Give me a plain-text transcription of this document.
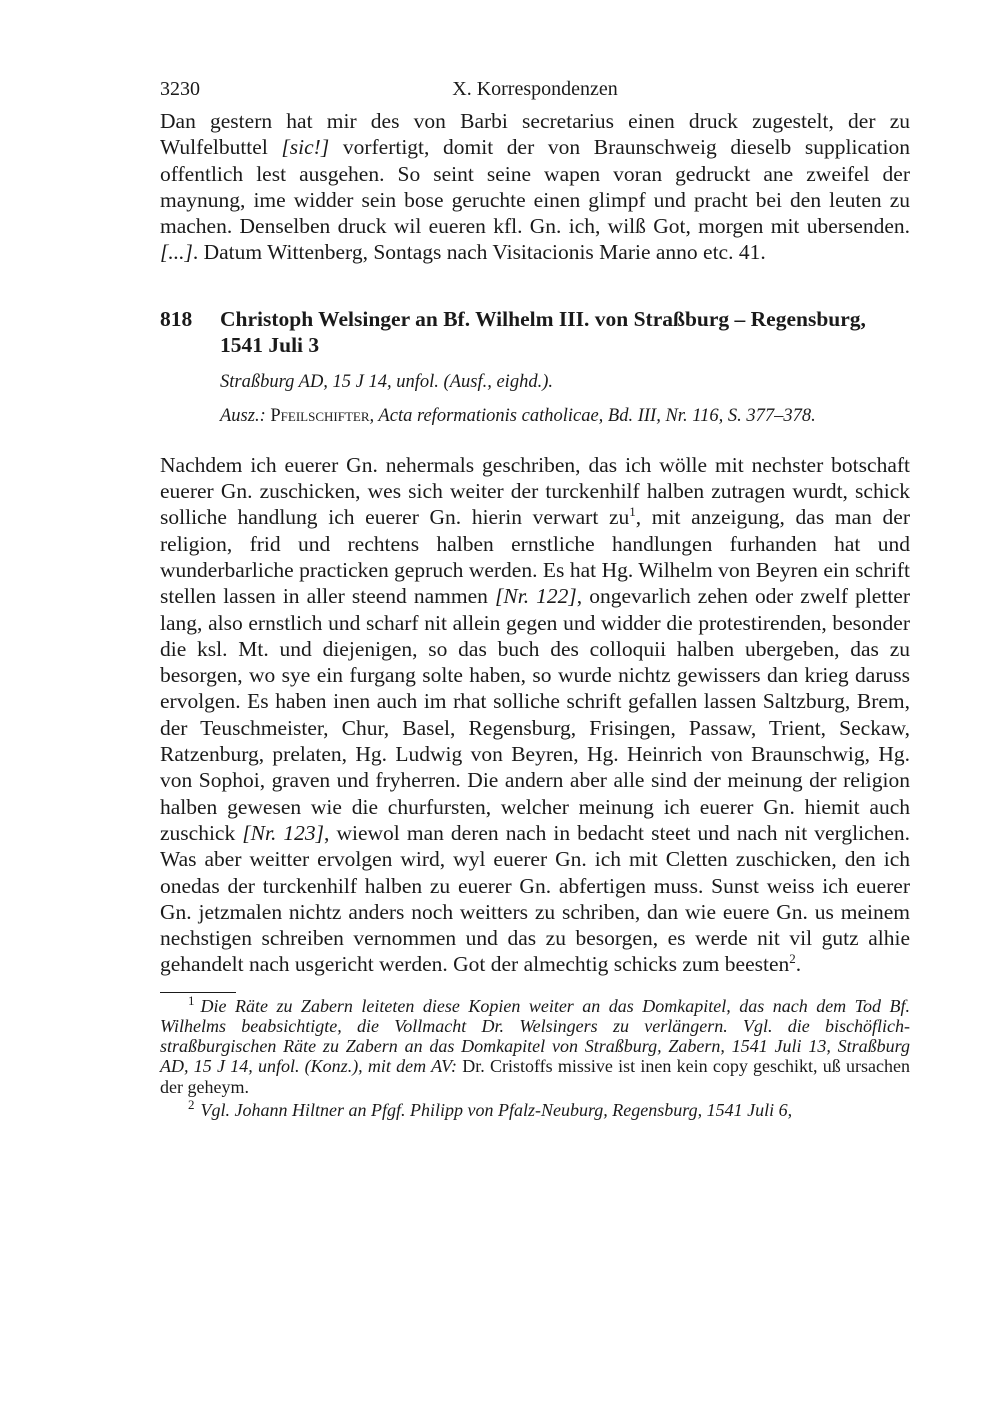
3230	X. Korrespondenzen

Dan gestern hat mir des von Barbi secretarius einen druck zugestelt, der zu Wulfelbuttel [sic!] vorfertigt, domit der von Braunschweig dieselb supplication offentlich lest ausgehen. So seint seine wapen voran gedruckt ane zweifel der maynung, ime widder sein bose geruchte einen glimpf und pracht bei den leuten zu machen. Denselben druck wil eueren kfl. Gn. ich, wilß Got, morgen mit ubersenden. [...]. Datum Wittenberg, Sontags nach Visitacionis Marie anno etc. 41.

818	Christoph Welsinger an Bf. Wilhelm III. von Straßburg – Regensburg, 1541 Juli 3

Straßburg AD, 15 J 14, unfol. (Ausf., eighd.).

Ausz.: Pfeilschifter, Acta reformationis catholicae, Bd. III, Nr. 116, S. 377–378.

Nachdem ich euerer Gn. nehermals geschriben, das ich wölle mit nechster botschaft euerer Gn. zuschicken, wes sich weiter der turckenhilf halben zutragen wurdt, schick solliche handlung ich euerer Gn. hierin verwart $zu^1$, mit anzeigung, das man der religion, frid und rechtens halben ernstliche handlungen furhanden hat und wunderbarliche practicken gepruch werden. Es hat Hg. Wilhelm von Beyren ein schrift stellen lassen in aller steend nammen [Nr. 122], ongevarlich zehen oder zwelf pletter lang, also ernstlich und scharf nit allein gegen und widder die protestirenden, besonder die ksl. Mt. und diejenigen, so das buch des colloquii halben ubergeben, das zu besorgen, wo sye ein furgang solte haben, so wurde nichtz gewissers dan krieg daruss ervolgen. Es haben inen auch im rhat solliche schrift gefallen lassen Saltzburg, Brem, der Teuschmeister, Chur, Basel, Regensburg, Frisingen, Passaw, Trient, Seckaw, Ratzenburg, prelaten, Hg. Ludwig von Beyren, Hg. Heinrich von Braunschwig, Hg. von Sophoi, graven und fryherren. Die andern aber alle sind der meinung der religion halben gewesen wie die churfursten, welcher meinung ich euerer Gn. hiemit auch zuschick [Nr. 123], wiewol man deren nach in bedacht steet und nach nit verglichen. Was aber weitter ervolgen wird, wyl euerer Gn. ich mit Cletten zuschicken, den ich onedas der turckenhilf halben zu euerer Gn. abfertigen muss. Sunst weiss ich euerer Gn. jetzmalen nichtz anders noch weitters zu schriben, dan wie euere Gn. us meinem nechstigen schreiben vernommen und das zu besorgen, es werde nit vil gutz alhie gehandelt nach usgericht werden. Got der almechtig schicks zum beesten$^2$.

$^1$ Die Räte zu Zabern leiteten diese Kopien weiter an das Domkapitel, das nach dem Tod Bf. Wilhelms beabsichtigte, die Vollmacht Dr. Welsingers zu verlängern. Vgl. die bischöflich-straßburgischen Räte zu Zabern an das Domkapitel von Straßburg, Zabern, 1541 Juli 13, Straßburg AD, 15 J 14, unfol. (Konz.), mit dem AV: Dr. Cristoffs missive ist inen kein copy geschikt, uß ursachen der geheym.

$^2$ Vgl. Johann Hiltner an Pfgf. Philipp von Pfalz-Neuburg, Regensburg, 1541 Juli 6,
